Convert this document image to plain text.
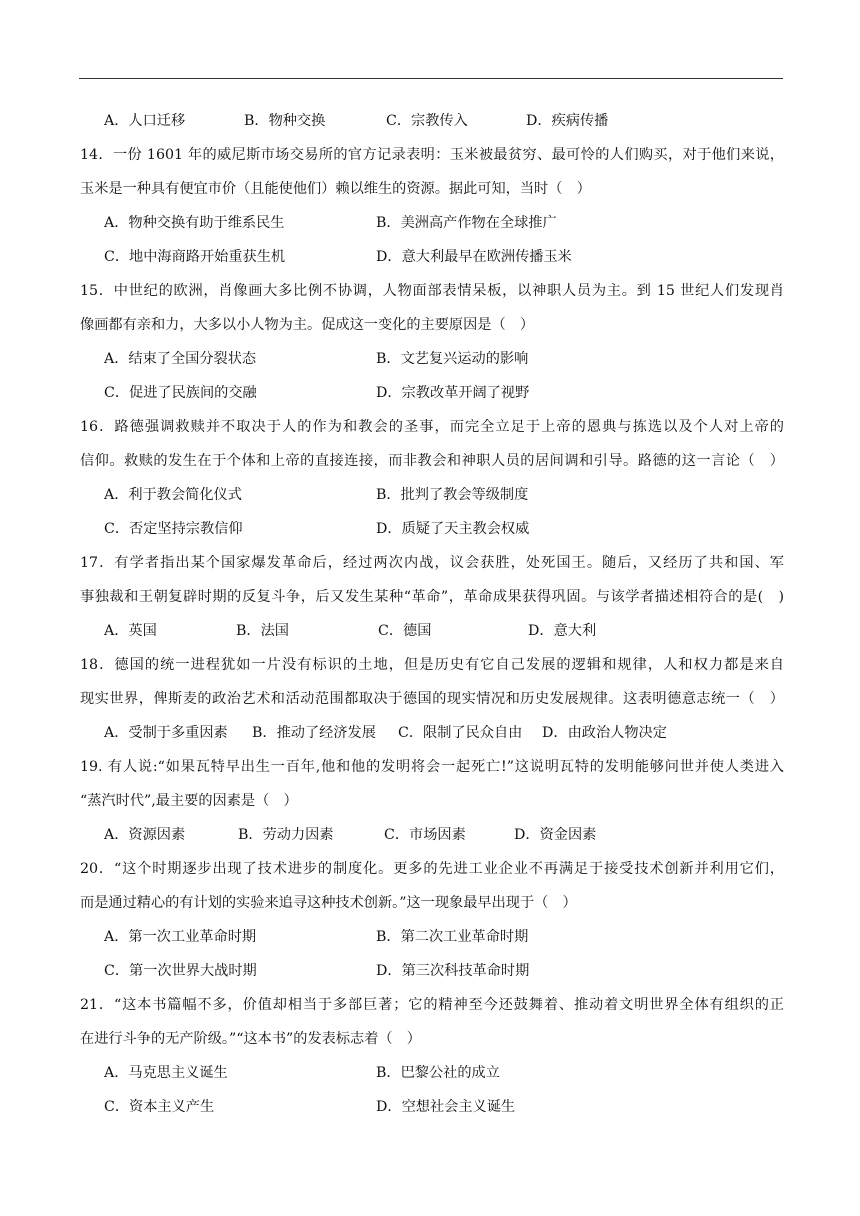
A．人口迁移	B．物种交换	C．宗教传入	D．疾病传播
14．一份 1601 年的威尼斯市场交易所的官方记录表明：玉米被最贫穷、最可怜的人们购买，对于他们来说，
玉米是一种具有便宜市价（且能使他们）赖以维生的资源。据此可知，当时（　）
A．物种交换有助于维系民生	B．美洲高产作物在全球推广
C．地中海商路开始重获生机	D．意大利最早在欧洲传播玉米
15．中世纪的欧洲，肖像画大多比例不协调，人物面部表情呆板，以神职人员为主。到 15 世纪人们发现肖
像画都有亲和力，大多以小人物为主。促成这一变化的主要原因是（　）
A．结束了全国分裂状态	B．文艺复兴运动的影响
C．促进了民族间的交融	D．宗教改革开阔了视野
16．路德强调救赎并不取决于人的作为和教会的圣事，而完全立足于上帝的恩典与拣选以及个人对上帝的
信仰。救赎的发生在于个体和上帝的直接连接，而非教会和神职人员的居间调和引导。路德的这一言论（　）
A．利于教会简化仪式	B．批判了教会等级制度
C．否定坚持宗教信仰	D．质疑了天主教会权威
17．有学者指出某个国家爆发革命后，经过两次内战，议会获胜，处死国王。随后，又经历了共和国、军
事独裁和王朝复辟时期的反复斗争，后又发生某种“革命”，革命成果获得巩固。与该学者描述相符合的是(　)
A．英国	B．法国	C．德国	D．意大利
18．德国的统一进程犹如一片没有标识的土地，但是历史有它自己发展的逻辑和规律，人和权力都是来自
现实世界，俾斯麦的政治艺术和活动范围都取决于德国的现实情况和历史发展规律。这表明德意志统一（　）
A．受制于多重因素 B．推动了经济发展 C．限制了民众自由 D．由政治人物决定
19. 有人说:“如果瓦特早出生一百年,他和他的发明将会一起死亡!”这说明瓦特的发明能够问世并使人类进入
“蒸汽时代”,最主要的因素是（　）
A．资源因素	B．劳动力因素	C．市场因素	D．资金因素
20．“这个时期逐步出现了技术进步的制度化。更多的先进工业企业不再满足于接受技术创新并利用它们，
而是通过精心的有计划的实验来追寻这种技术创新。”这一现象最早出现于（　）
A．第一次工业革命时期	B．第二次工业革命时期
C．第一次世界大战时期	D．第三次科技革命时期
21．“这本书篇幅不多，价值却相当于多部巨著；它的精神至今还鼓舞着、推动着文明世界全体有组织的正
在进行斗争的无产阶级。”“这本书”的发表标志着（　）
A．马克思主义诞生	B．巴黎公社的成立
C．资本主义产生	D．空想社会主义诞生
